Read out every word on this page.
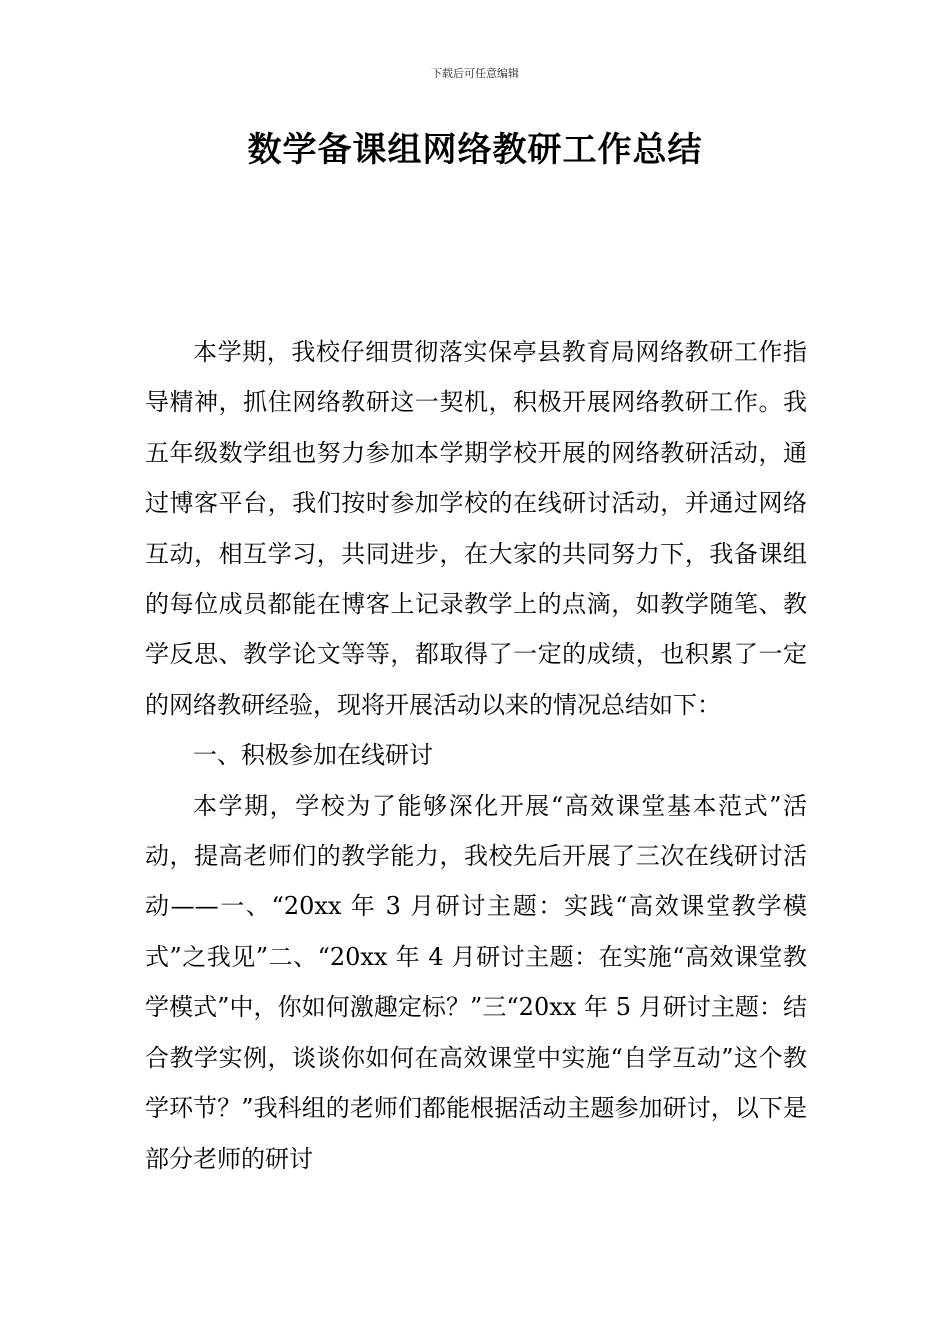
下载后可任意编辑
数学备课组网络教研工作总结

本学期，我校仔细贯彻落实保亭县教育局网络教研工作指导精神，抓住网络教研这一契机，积极开展网络教研工作。我五年级数学组也努力参加本学期学校开展的网络教研活动，通过博客平台，我们按时参加学校的在线研讨活动，并通过网络互动，相互学习，共同进步，在大家的共同努力下，我备课组的每位成员都能在博客上记录教学上的点滴，如教学随笔、教学反思、教学论文等等，都取得了一定的成绩，也积累了一定的网络教研经验，现将开展活动以来的情况总结如下：

一、积极参加在线研讨

本学期，学校为了能够深化开展“高效课堂基本范式”活动，提高老师们的教学能力，我校先后开展了三次在线研讨活动——一、“20xx 年 3 月研讨主题：实践“高效课堂教学模式”之我见”二、“20xx 年 4 月研讨主题：在实施“高效课堂教学模式”中，你如何激趣定标？”三“20xx 年 5 月研讨主题：结合教学实例，谈谈你如何在高效课堂中实施“自学互动”这个教学环节？”我科组的老师们都能根据活动主题参加研讨，以下是部分老师的研讨
